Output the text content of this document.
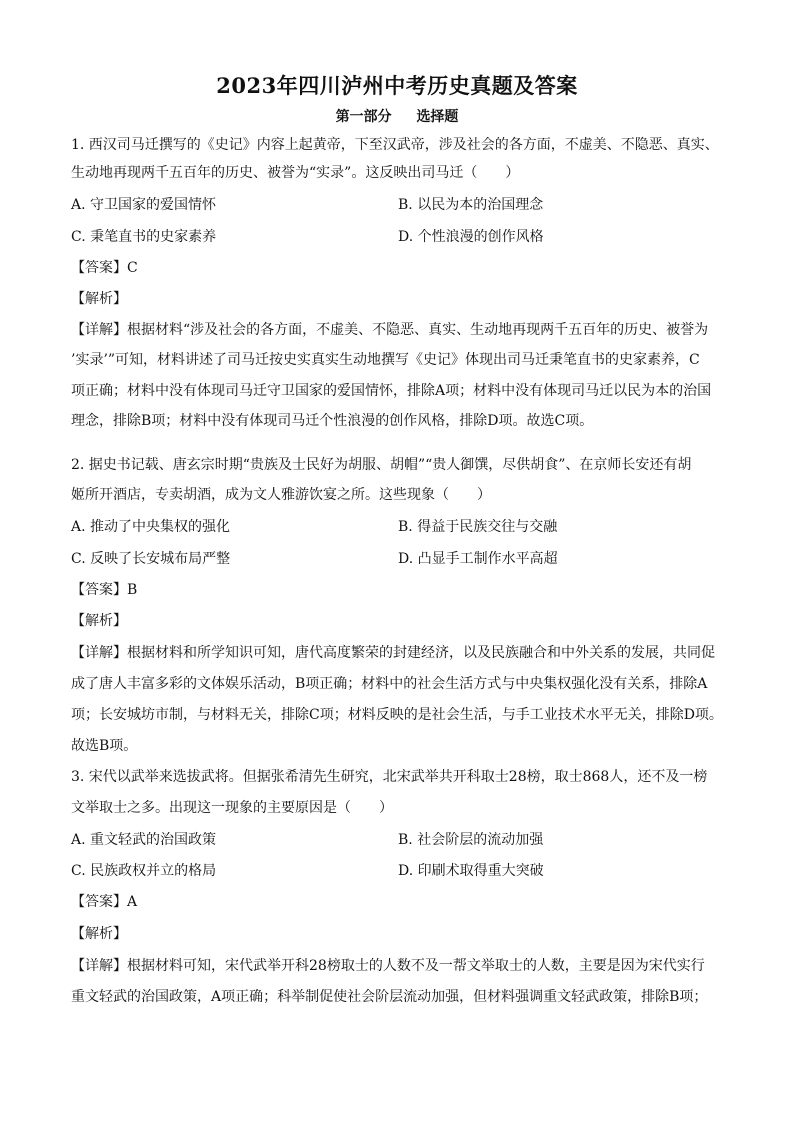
2023年四川泸州中考历史真题及答案
第一部分 选择题
1. 西汉司马迁撰写的《史记》内容上起黄帝，下至汉武帝，涉及社会的各方面，不虚美、不隐恶、真实、
生动地再现两千五百年的历史、被誉为“实录”。这反映出司马迁（　　）
A. 守卫国家的爱国情怀	B. 以民为本的治国理念
C. 秉笔直书的史家素养	D. 个性浪漫的创作风格
【答案】C
【解析】
【详解】根据材料“涉及社会的各方面，不虚美、不隐恶、真实、生动地再现两千五百年的历史、被誉为
’实录’”可知，材料讲述了司马迁按史实真实生动地撰写《史记》体现出司马迁秉笔直书的史家素养，C
项正确；材料中没有体现司马迁守卫国家的爱国情怀，排除A项；材料中没有体现司马迁以民为本的治国
理念，排除B项；材料中没有体现司马迁个性浪漫的创作风格，排除D项。故选C项。
2. 据史书记载、唐玄宗时期“贵族及士民好为胡服、胡帽”“贵人御馔，尽供胡食”、在京师长安还有胡
姬所开酒店，专卖胡酒，成为文人雅游饮宴之所。这些现象（　　）
A. 推动了中央集权的强化	B. 得益于民族交往与交融
C. 反映了长安城布局严整	D. 凸显手工制作水平高超
【答案】B
【解析】
【详解】根据材料和所学知识可知，唐代高度繁荣的封建经济，以及民族融合和中外关系的发展，共同促
成了唐人丰富多彩的文体娱乐活动，B项正确；材料中的社会生活方式与中央集权强化没有关系，排除A
项；长安城坊市制，与材料无关，排除C项；材料反映的是社会生活，与手工业技术水平无关，排除D项。
故选B项。
3. 宋代以武举来选拔武将。但据张希清先生研究，北宋武举共开科取士28榜，取士868人，还不及一榜
文举取士之多。出现这一现象的主要原因是（　　）
A. 重文轻武的治国政策	B. 社会阶层的流动加强
C. 民族政权并立的格局	D. 印刷术取得重大突破
【答案】A
【解析】
【详解】根据材料可知，宋代武举开科28榜取士的人数不及一帮文举取士的人数，主要是因为宋代实行
重文轻武的治国政策，A项正确；科举制促使社会阶层流动加强，但材料强调重文轻武政策，排除B项；
